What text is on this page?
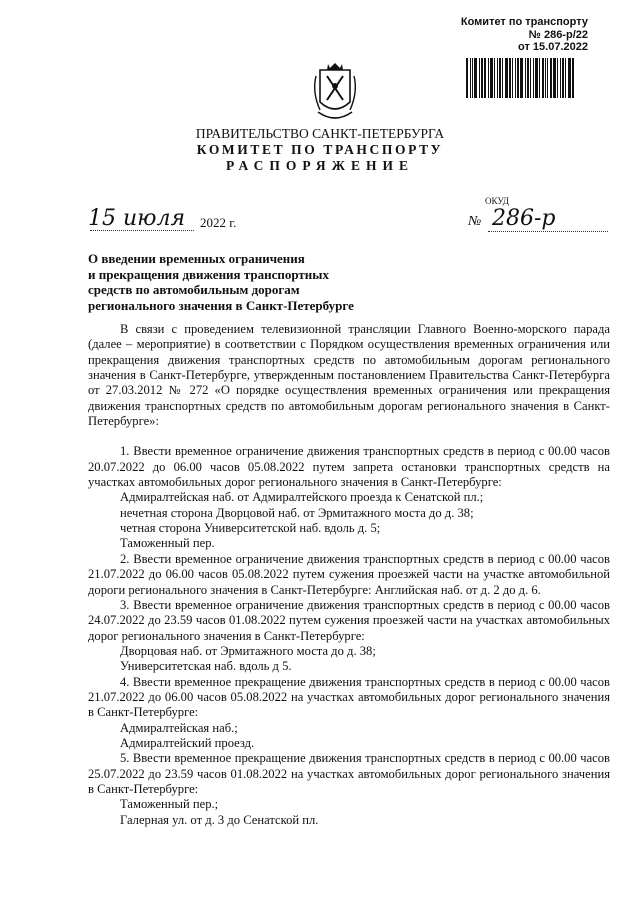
Комитет по транспорту
№ 286-р/22
от 15.07.2022
ПРАВИТЕЛЬСТВО САНКТ-ПЕТЕРБУРГА
КОМИТЕТ ПО ТРАНСПОРТУ
РАСПОРЯЖЕНИЕ
ОКУД
15 июля 2022 г.	№ 286-р
О введении временных ограничения
и прекращения движения транспортных
средств по автомобильным дорогам
регионального значения в Санкт-Петербурге

В связи с проведением телевизионной трансляции Главного Военно-морского парада (далее – мероприятие) в соответствии с Порядком осуществления временных ограничения или прекращения движения транспортных средств по автомобильным дорогам регионального значения в Санкт-Петербурге, утвержденным постановлением Правительства Санкт-Петербурга от 27.03.2012 № 272 «О порядке осуществления временных ограничения или прекращения движения транспортных средств по автомобильным дорогам регионального значения в Санкт-Петербурге»:

1. Ввести временное ограничение движения транспортных средств в период с 00.00 часов 20.07.2022 до 06.00 часов 05.08.2022 путем запрета остановки транспортных средств на участках автомобильных дорог регионального значения в Санкт-Петербурге:

Адмиралтейская наб. от Адмиралтейского проезда к Сенатской пл.;

нечетная сторона Дворцовой наб. от Эрмитажного моста до д. 38;

четная сторона Университетской наб. вдоль д. 5;

Таможенный пер.

2. Ввести временное ограничение движения транспортных средств в период с 00.00 часов 21.07.2022 до 06.00 часов 05.08.2022 путем сужения проезжей части на участке автомобильной дороги регионального значения в Санкт-Петербурге: Английская наб. от д. 2 до д. 6.

3. Ввести временное ограничение движения транспортных средств в период с 00.00 часов 24.07.2022 до 23.59 часов 01.08.2022 путем сужения проезжей части на участках автомобильных дорог регионального значения в Санкт-Петербурге:

Дворцовая наб. от Эрмитажного моста до д. 38;

Университетская наб. вдоль д 5.

4. Ввести временное прекращение движения транспортных средств в период с 00.00 часов 21.07.2022 до 06.00 часов 05.08.2022 на участках автомобильных дорог регионального значения в Санкт-Петербурге:

Адмиралтейская наб.;

Адмиралтейский проезд.

5. Ввести временное прекращение движения транспортных средств в период с 00.00 часов 25.07.2022 до 23.59 часов 01.08.2022 на участках автомобильных дорог регионального значения в Санкт-Петербурге:

Таможенный пер.;

Галерная ул. от д. 3 до Сенатской пл.
